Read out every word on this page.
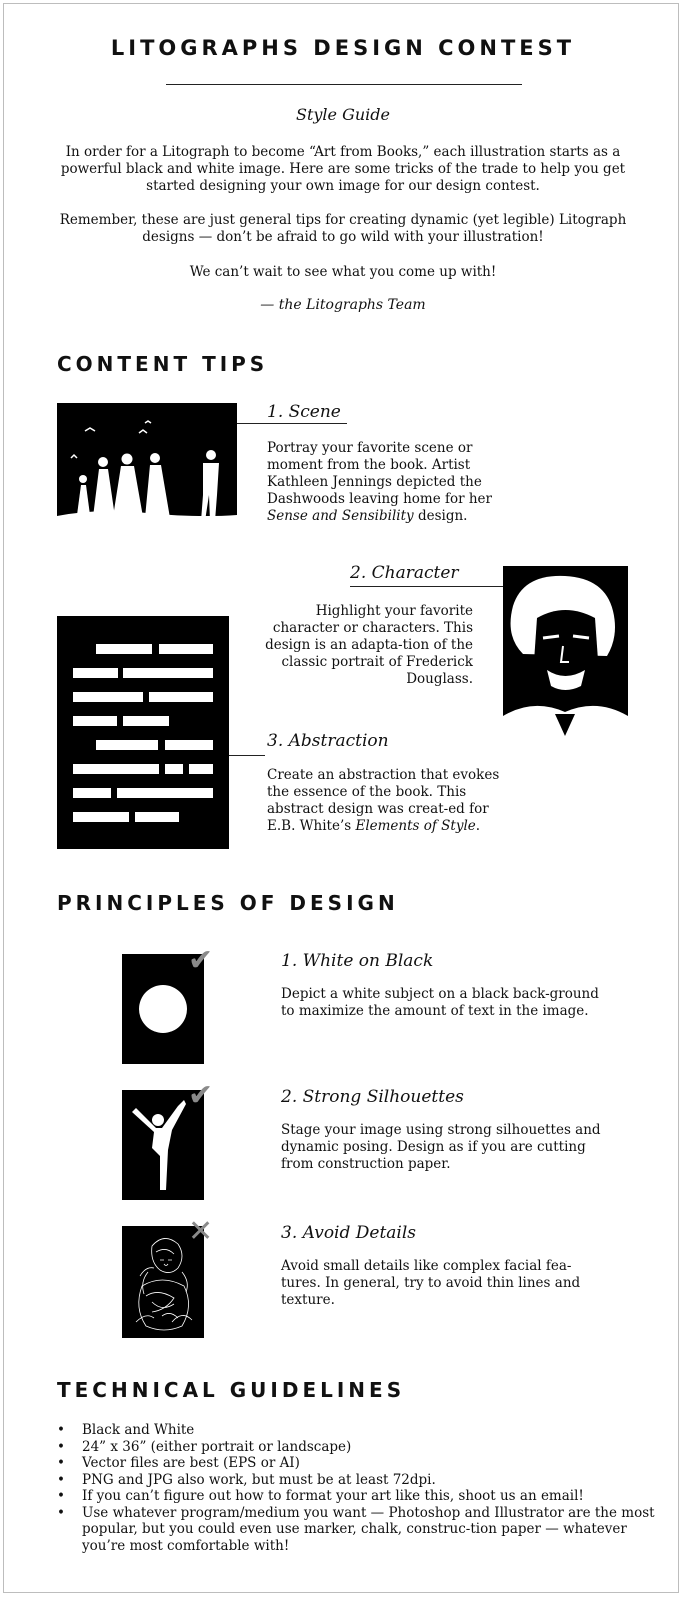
LITOGRAPHS DESIGN CONTEST
Style Guide
In order for a Litograph to become “Art from Books,” each illustration starts as a powerful black and white image. Here are some tricks of the trade to help you get started designing your own image for our design contest.
Remember, these are just general tips for creating dynamic (yet legible) Litograph designs — don’t be afraid to go wild with your illustration!
We can’t wait to see what you come up with!
— the Litographs Team
CONTENT TIPS
1. Scene
Portray your favorite scene or moment from the book. Artist Kathleen Jennings depicted the Dashwoods leaving home for her Sense and Sensibility design.
2. Character
Highlight your favorite character or characters. This design is an adapta-tion of the classic portrait of Frederick Douglass.
3. Abstraction
Create an abstraction that evokes the essence of the book. This abstract design was creat-ed for E.B. White’s Elements of Style.
PRINCIPLES OF DESIGN
✔	1. White on Black
Depict a white subject on a black back-ground to maximize the amount of text in the image.
✔	2. Strong Silhouettes
Stage your image using strong silhouettes and dynamic posing. Design as if you are cutting from construction paper.
✕	3. Avoid Details
Avoid small details like complex facial fea-tures. In general, try to avoid thin lines and texture.
TECHNICAL GUIDELINES
• Black and White
• 24” x 36” (either portrait or landscape)
• Vector files are best (EPS or AI)
• PNG and JPG also work, but must be at least 72dpi.
• If you can’t figure out how to format your art like this, shoot us an email!
• Use whatever program/medium you want — Photoshop and Illustrator are the most popular, but you could even use marker, chalk, construc-tion paper — whatever you’re most comfortable with!
